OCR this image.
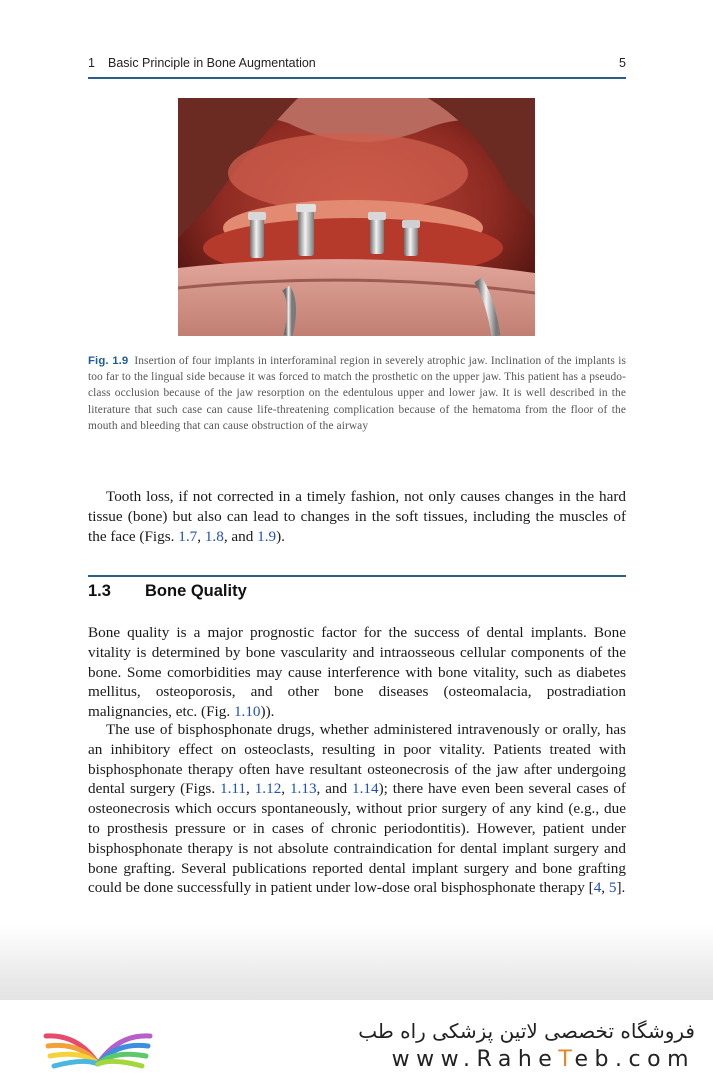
1 Basic Principle in Bone Augmentation	5
Fig. 1.9 Insertion of four implants in interforaminal region in severely atrophic jaw. Inclination of the implants is too far to the lingual side because it was forced to match the prosthetic on the upper jaw. This patient has a pseudo-class occlusion because of the jaw resorption on the edentulous upper and lower jaw. It is well described in the literature that such case can cause life-threatening complication because of the hematoma from the floor of the mouth and bleeding that can cause obstruction of the airway

Tooth loss, if not corrected in a timely fashion, not only causes changes in the hard tissue (bone) but also can lead to changes in the soft tissues, including the muscles of the face (Figs. 1.7, 1.8, and 1.9).

1.3 Bone Quality

Bone quality is a major prognostic factor for the success of dental implants. Bone vitality is determined by bone vascularity and intraosseous cellular components of the bone. Some comorbidities may cause interference with bone vitality, such as diabetes mellitus, osteoporosis, and other bone diseases (osteomalacia, postradiation malignancies, etc. (Fig. 1.10)).

The use of bisphosphonate drugs, whether administered intravenously or orally, has an inhibitory effect on osteoclasts, resulting in poor vitality. Patients treated with bisphosphonate therapy often have resultant osteonecrosis of the jaw after undergoing dental surgery (Figs. 1.11, 1.12, 1.13, and 1.14); there have even been several cases of osteonecrosis which occurs spontaneously, without prior surgery of any kind (e.g., due to prosthesis pressure or in cases of chronic periodontitis). However, patient under bisphosphonate therapy is not absolute contraindication for dental implant surgery and bone grafting. Several publications reported dental implant surgery and bone grafting could be done successfully in patient under low-dose oral bisphosphonate therapy [4, 5].

فروشگاه تخصصی لاتین پزشکی راه طب
www.RaheTeb.com
